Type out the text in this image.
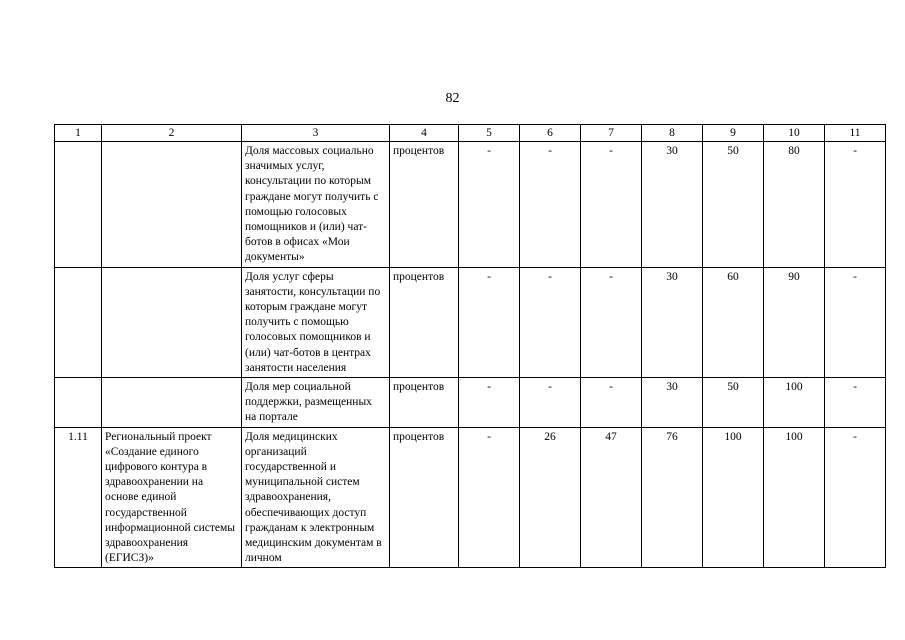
82
1	2	3	4	5	6	7	8	9	10	11
		Доля массовых социально значимых услуг, консультации по которым граждане могут получить с помощью голосовых помощников и (или) чат-ботов в офисах «Мои документы»	процентов	-	-	-	30	50	80	-
		Доля услуг сферы занятости, консультации по которым граждане могут получить с помощью голосовых помощников и (или) чат-ботов в центрах занятости населения	процентов	-	-	-	30	60	90	-
		Доля мер социальной поддержки, размещенных на портале	процентов	-	-	-	30	50	100	-
1.11	Региональный проект «Создание единого цифрового контура в здравоохранении на основе единой государственной информационной системы здравоохранения (ЕГИСЗ)»	Доля медицинских организаций государственной и муниципальной систем здравоохранения, обеспечивающих доступ гражданам к электронным медицинским документам в личном	процентов	-	26	47	76	100	100	-
